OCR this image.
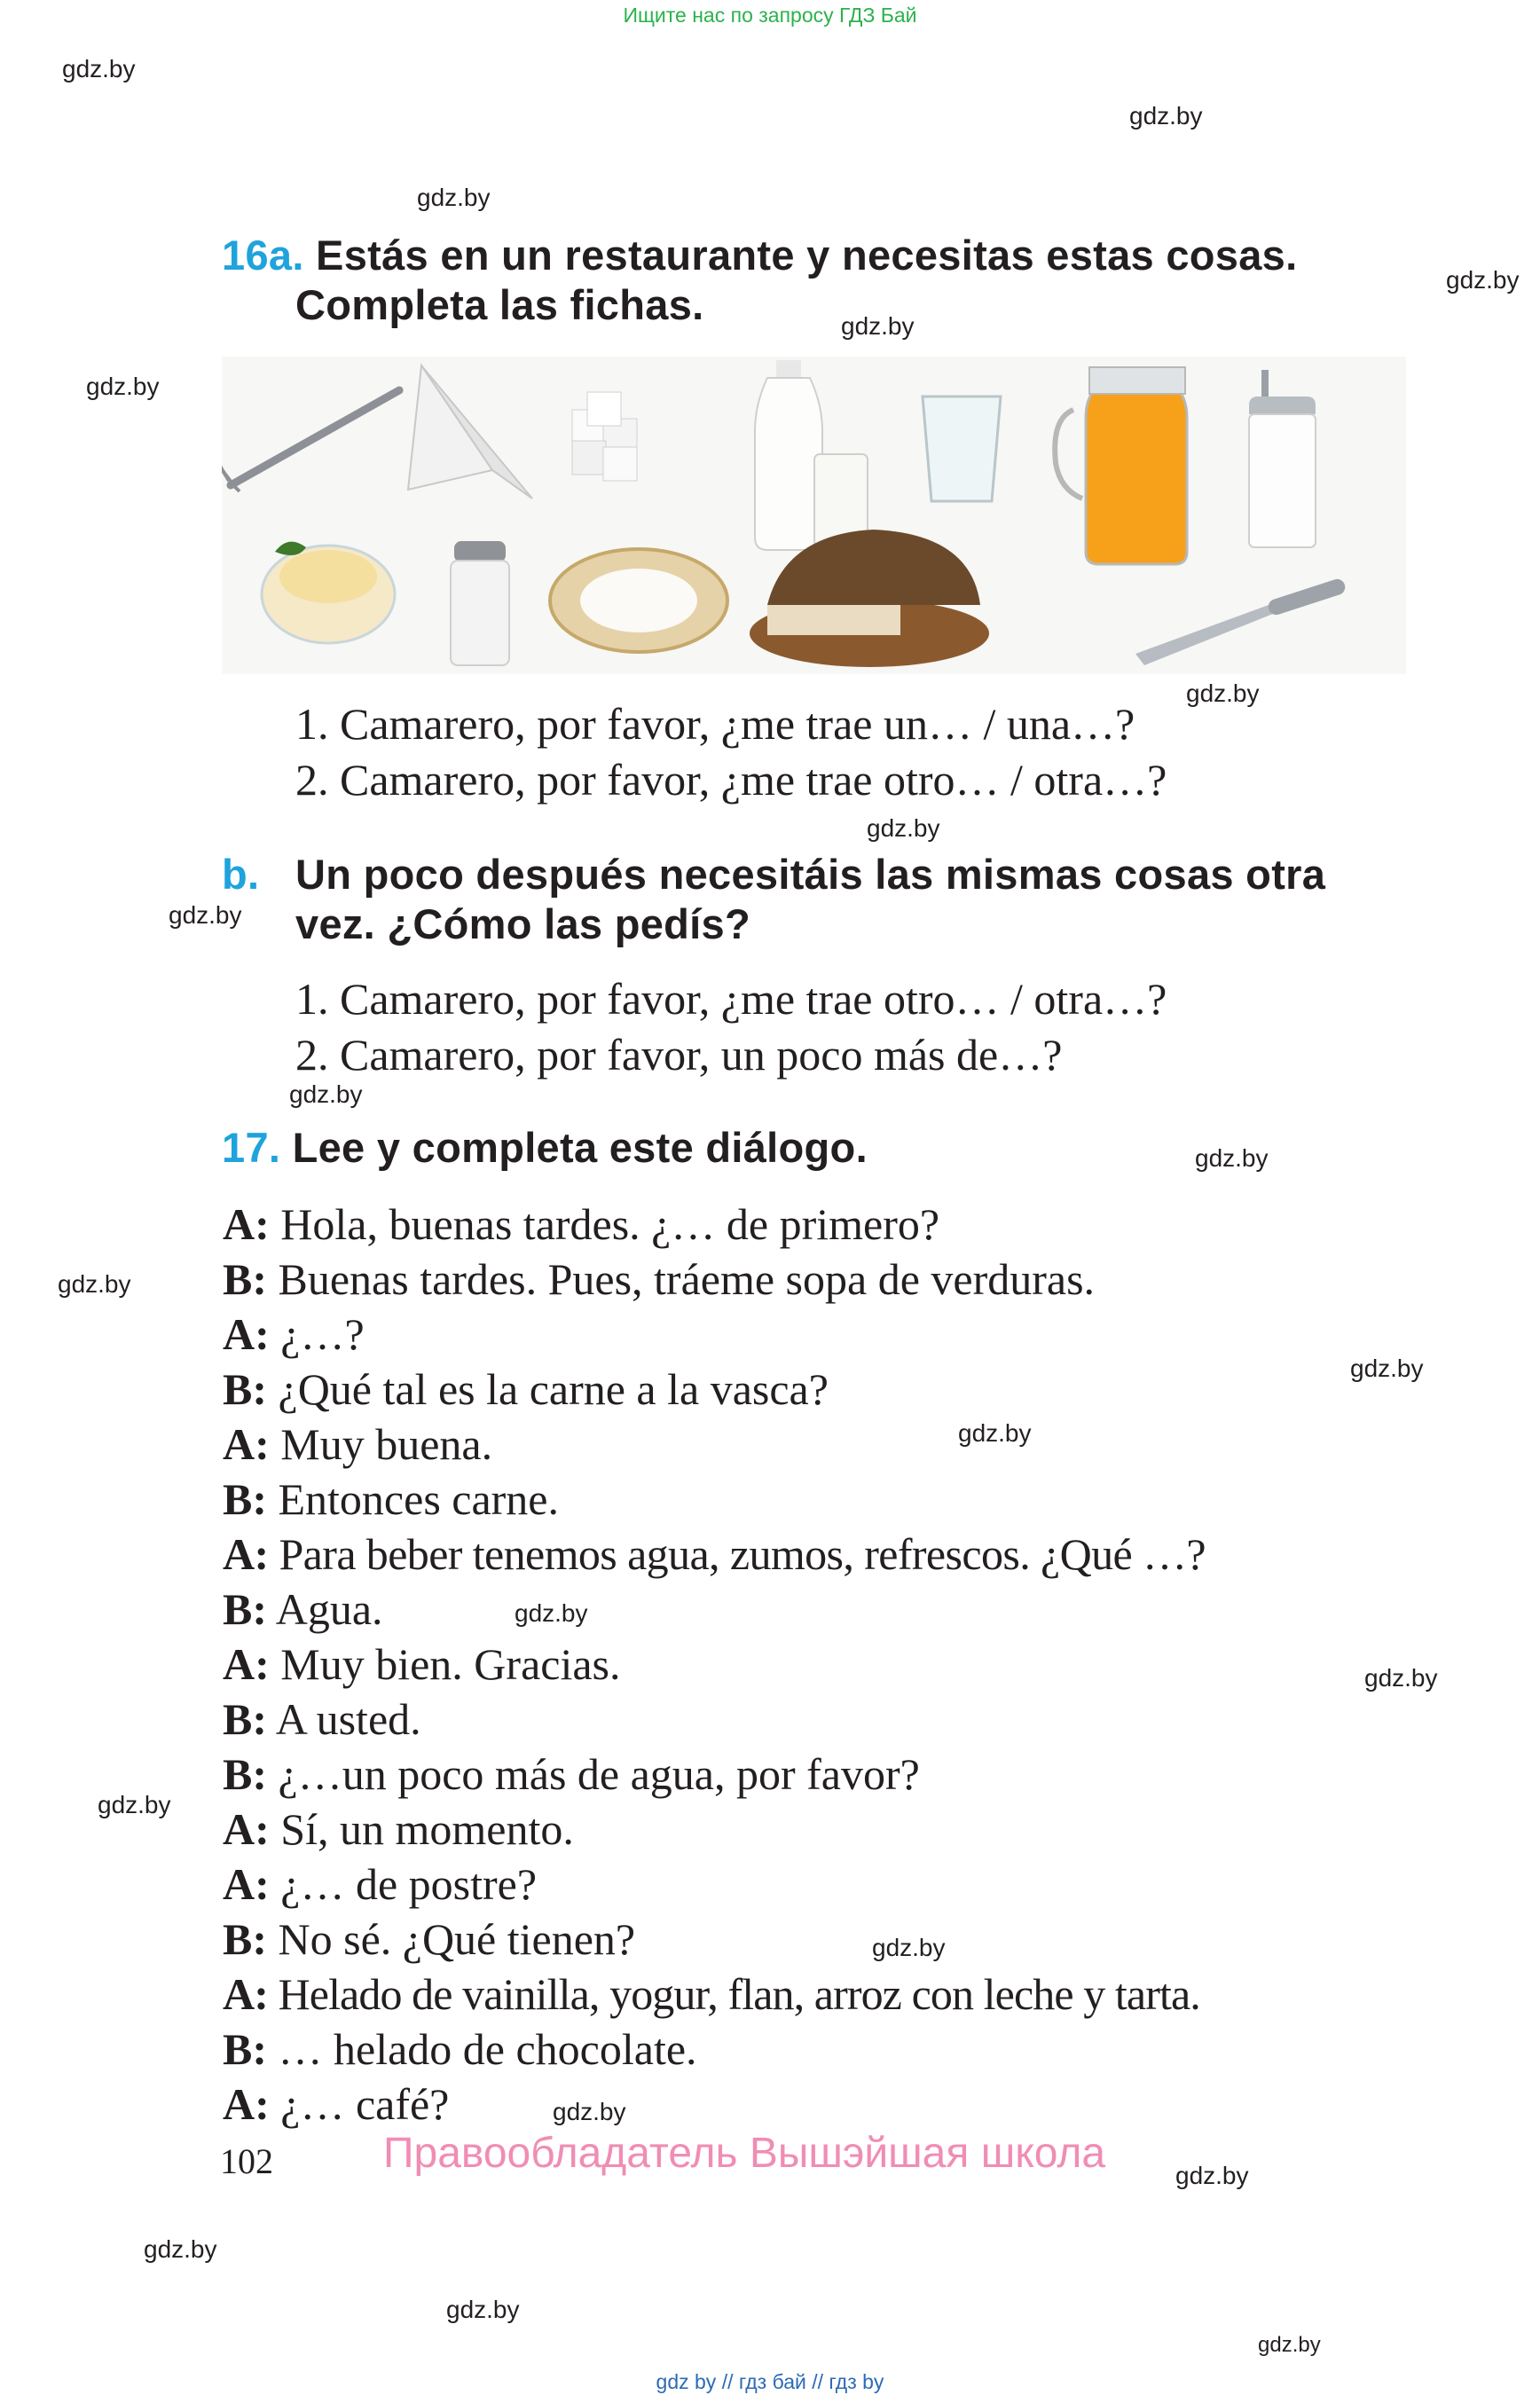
Ищите нас по запросу ГДЗ Бай
gdz.by
gdz.by
gdz.by
gdz.by
gdz.by
gdz.by
gdz.by
gdz.by
gdz.by
gdz.by
gdz.by
gdz.by
gdz.by
gdz.by
gdz.by
gdz.by
gdz.by
gdz.by
gdz.by
gdz.by
gdz.by
gdz.by
gdz.by
16a. Estás en un restaurante y necesitas estas cosas.
Completa las fichas.
1. Camarero, por favor, ¿me trae un… / una…?
2. Camarero, por favor, ¿me trae otro… / otra…?
b. Un poco después necesitáis las mismas cosas otra
vez. ¿Cómo las pedís?
1. Camarero, por favor, ¿me trae otro… / otra…?
2. Camarero, por favor, un poco más de…?
17. Lee y completa este diálogo.
A: Hola, buenas tardes. ¿… de primero?
B: Buenas tardes. Pues, tráeme sopa de verduras.
A: ¿…?
B: ¿Qué tal es la carne a la vasca?
A: Muy buena.
B: Entonces carne.
A: Para beber tenemos agua, zumos, refrescos. ¿Qué …?
B: Agua.
A: Muy bien. Gracias.
B: A usted.
B: ¿…un poco más de agua, por favor?
A: Sí, un momento.
A: ¿… de postre?
B: No sé. ¿Qué tienen?
A: Helado de vainilla, yogur, flan, arroz con leche y tarta.
B: … helado de chocolate.
A: ¿… café?
102	Правообладатель Вышэйшая школа
gdz by // гдз бай // гдз by
